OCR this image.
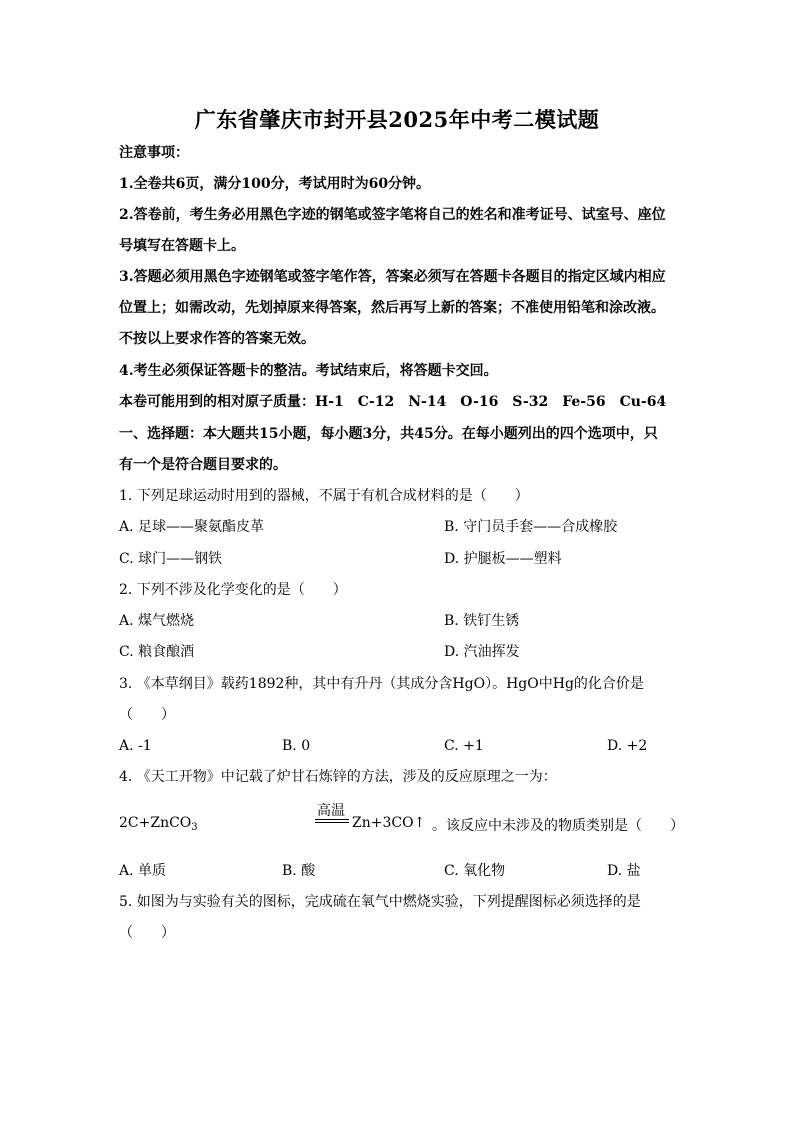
广东省肇庆市封开县2025年中考二模试题
注意事项：
1.全卷共6页，满分100分，考试用时为60分钟。
2.答卷前，考生务必用黑色字迹的钢笔或签字笔将自己的姓名和准考证号、试室号、座位
号填写在答题卡上。
3.答题必须用黑色字迹钢笔或签字笔作答，答案必须写在答题卡各题目的指定区域内相应
位置上；如需改动，先划掉原来得答案，然后再写上新的答案；不准使用铅笔和涂改液。
不按以上要求作答的答案无效。
4.考生必须保证答题卡的整洁。考试结束后，将答题卡交回。
本卷可能用到的相对原子质量：H-1　C-12　N-14　O-16　S-32　Fe-56　Cu-64
一、选择题：本大题共15小题，每小题3分，共45分。在每小题列出的四个选项中，只
有一个是符合题目要求的。
1. 下列足球运动时用到的器械，不属于有机合成材料的是（　　）
A. 足球——聚氨酯皮革	B. 守门员手套——合成橡胶
C. 球门——钢铁	D. 护腿板——塑料
2. 下列不涉及化学变化的是（　　）
A. 煤气燃烧	B. 铁钉生锈
C. 粮食酿酒	D. 汽油挥发
3. 《本草纲目》载药1892种，其中有升丹（其成分含HgO）。HgO中Hg的化合价是
（　　）
A. -1	B. 0	C. +1	D. +2
4. 《天工开物》中记载了炉甘石炼锌的方法，涉及的反应原理之一为：
2C+ZnCO$_3$
高温
Zn+3CO↑ 。该反应中未涉及的物质类别是（　　）
A. 单质	B. 酸	C. 氧化物	D. 盐
5. 如图为与实验有关的图标，完成硫在氧气中燃烧实验，下列提醒图标必须选择的是
（　　）
